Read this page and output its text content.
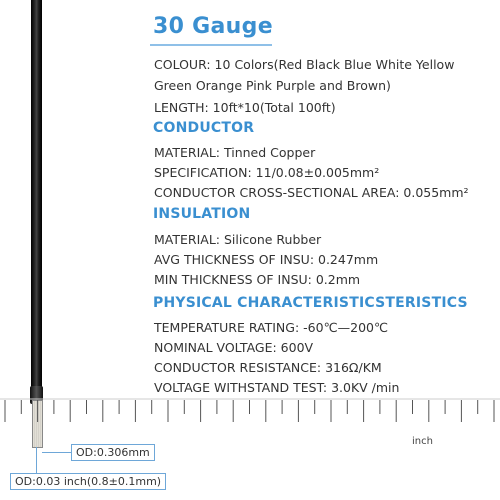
30 Gauge
COLOUR: 10 Colors(Red Black Blue White Yellow
Green Orange Pink Purple and Brown)
LENGTH: 10ft*10(Total 100ft)
CONDUCTOR
MATERIAL: Tinned Copper
SPECIFICATION: 11/0.08±0.005mm²
CONDUCTOR CROSS-SECTIONAL AREA: 0.055mm²
INSULATION
MATERIAL: Silicone Rubber
AVG THICKNESS OF INSU: 0.247mm
MIN THICKNESS OF INSU: 0.2mm
PHYSICAL CHARACTERISTICSTERISTICS
TEMPERATURE RATING: -60℃—200℃
NOMINAL VOLTAGE: 600V
CONDUCTOR RESISTANCE: 316Ω/KM
VOLTAGE WITHSTAND TEST: 3.0KV /min
inch
OD:0.306mm
OD:0.03 inch(0.8±0.1mm)
